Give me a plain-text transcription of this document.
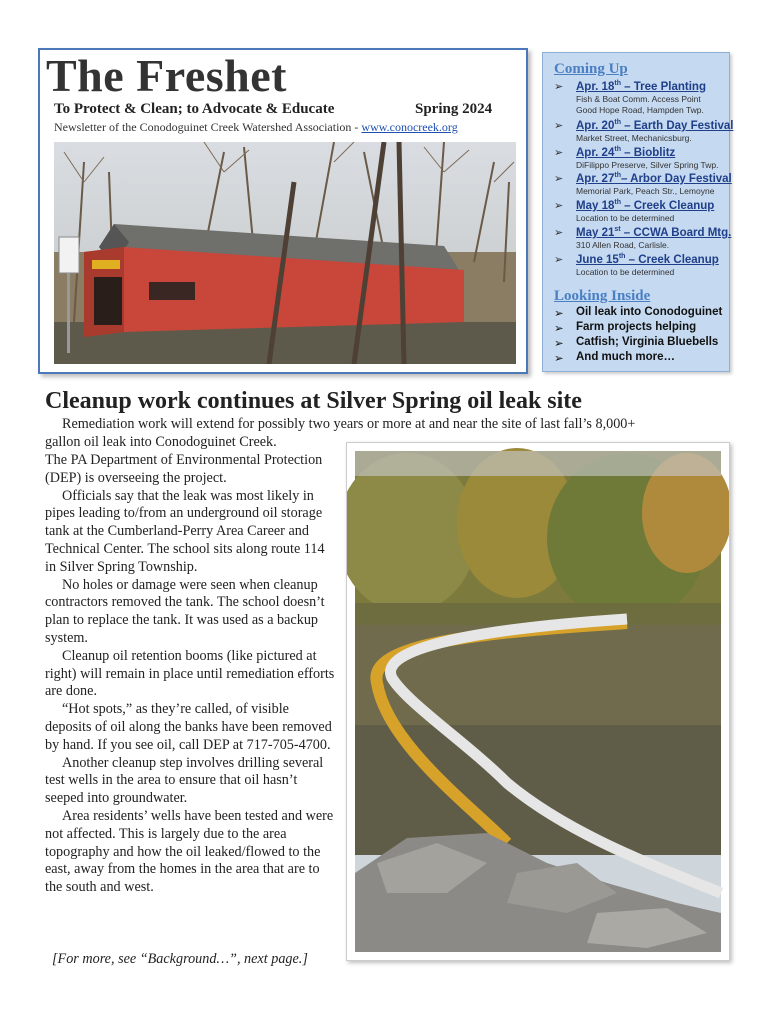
The Freshet
To Protect & Clean; to Advocate & Educate	Spring 2024
Newsletter of the Conodoguinet Creek Watershed Association - www.conocreek.org
Coming Up
➢ Apr. 18th – Tree Planting
Fish & Boat Comm. Access Point
Good Hope Road, Hampden Twp.
➢ Apr. 20th – Earth Day Festival
Market Street, Mechanicsburg.
➢ Apr. 24th – Bioblitz
DiFilippo Preserve, Silver Spring Twp.
➢ Apr. 27th– Arbor Day Festival
Memorial Park, Peach Str., Lemoyne
➢ May 18th – Creek Cleanup
Location to be determined
➢ May 21st – CCWA Board Mtg.
310 Allen Road, Carlisle.
➢ June 15th – Creek Cleanup
Location to be determined
Looking Inside
➢ Oil leak into Conodoguinet
➢ Farm projects helping
➢ Catfish; Virginia Bluebells
➢ And much more…
Cleanup work continues at Silver Spring oil leak site
Remediation work will extend for possibly two years or more at and near the site of last fall’s 8,000+
gallon oil leak into Conodoguinet Creek.

The PA Department of Environmental Protection (DEP) is overseeing the project.

Officials say that the leak was most likely in pipes leading to/from an underground oil storage tank at the Cumberland-Perry Area Career and Technical Center. The school sits along route 114 in Silver Spring Township.

No holes or damage were seen when cleanup contractors removed the tank. The school doesn’t plan to replace the tank. It was used as a backup system.

Cleanup oil retention booms (like pictured at right) will remain in place until remediation efforts are done.

“Hot spots,” as they’re called, of visible deposits of oil along the banks have been removed by hand. If you see oil, call DEP at 717-705-4700.

Another cleanup step involves drilling several test wells in the area to ensure that oil hasn’t seeped into groundwater.

Area residents’ wells have been tested and were not affected. This is largely due to the area topography and how the oil leaked/flowed to the east, away from the homes in the area that are to the south and west.

[For more, see “Background…”, next page.]
